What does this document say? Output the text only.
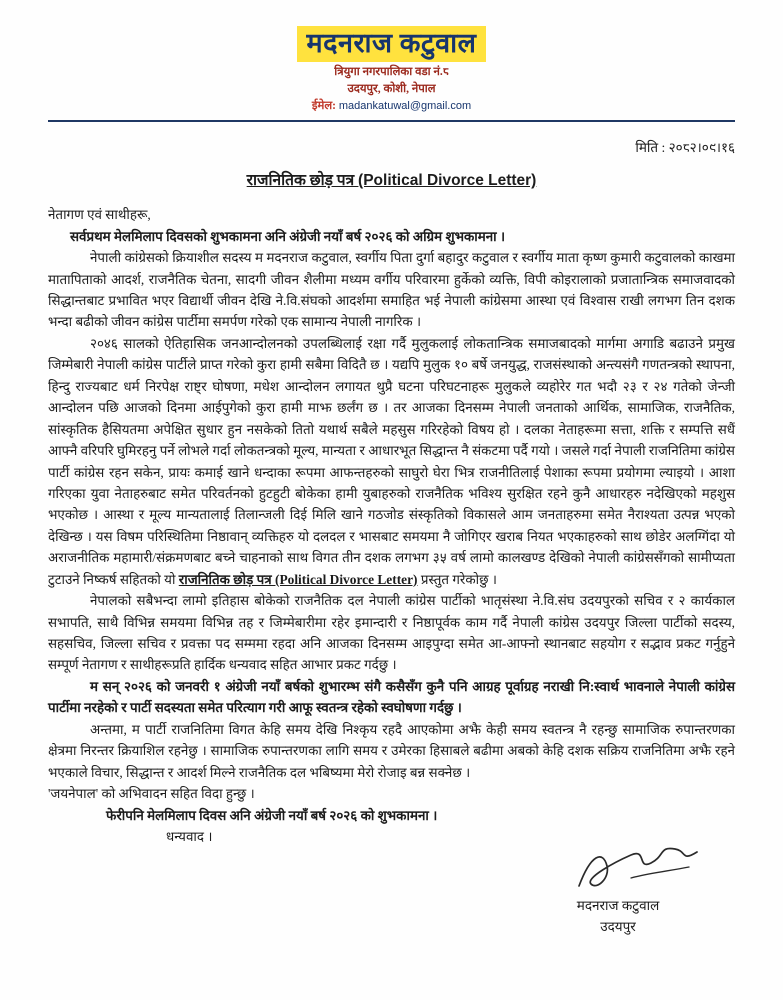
मदनराज कटुवाल
त्रियुगा नगरपालिका वडा नं.८
उदयपुर, कोशी, नेपाल
ईमेल: madankatuwal@gmail.com
मिति : २०८२।०९।१६
राजनितिक छोड़ पत्र (Political Divorce Letter)

नेतागण एवं साथीहरू,

सर्वप्रथम मेलमिलाप दिवसको शुभकामना अनि अंग्रेजी नयाँ बर्ष २०२६ को अग्रिम शुभकामना ।

नेपाली कांग्रेसको क्रियाशील सदस्य म मदनराज कटुवाल, स्वर्गीय पिता दुर्गा बहादुर कटुवाल र स्वर्गीय माता कृष्ण कुमारी कटुवालको काखमा मातापिताको आदर्श, राजनैतिक चेतना, सादगी जीवन शैलीमा मध्यम वर्गीय परिवारमा हुर्केको व्यक्ति, विपी कोइरालाको प्रजातान्त्रिक समाजवादको सिद्धान्तबाट प्रभावित भएर विद्यार्थी जीवन देखि ने.वि.संघको आदर्शमा समाहित भई नेपाली कांग्रेसमा आस्था एवं विश्वास राखी लगभग तिन दशक भन्दा बढीको जीवन कांग्रेस पार्टीमा समर्पण गरेको एक सामान्य नेपाली नागरिक ।

२०४६ सालको ऐतिहासिक जनआन्दोलनको उपलब्धिलाई रक्षा गर्दै मुलुकलाई लोकतान्त्रिक समाजबादको मार्गमा अगाडि बढाउने प्रमुख जिम्मेबारी नेपाली कांग्रेस पार्टीले प्राप्त गरेको कुरा हामी सबैमा विदितै छ । यद्यपि मुलुक १० बर्षे जनयुद्ध, राजसंस्थाको अन्त्यसंगै गणतन्त्रको स्थापना, हिन्दु राज्यबाट धर्म निरपेक्ष राष्ट्र घोषणा, मधेश आन्दोलन लगायत थुप्रै घटना परिघटनाहरू मुलुकले व्यहोरेर गत भदौ २३ र २४ गतेको जेन्जी आन्दोलन पछि आजको दिनमा आईपुगेको कुरा हामी माझ छर्लंग छ । तर आजका दिनसम्म नेपाली जनताको आर्थिक, सामाजिक, राजनैतिक, सांस्कृतिक हैसियतमा अपेक्षित सुधार हुन नसकेको तितो यथार्थ सबैले महसुस गरिरहेको विषय हो । दलका नेताहरूमा सत्ता, शक्ति र सम्पत्ति सधैं आफ्नै वरिपरि घुमिरहनु पर्ने लोभले गर्दा लोकतन्त्रको मूल्य, मान्यता र आधारभूत सिद्धान्त नै संकटमा पर्दै गयो । जसले गर्दा नेपाली राजनितिमा कांग्रेस पार्टी कांग्रेस रहन सकेन, प्रायः कमाई खाने धन्दाका रूपमा आफन्तहरुको साघुरो घेरा भित्र राजनीतिलाई पेशाका रूपमा प्रयोगमा ल्याइयो । आशा गरिएका युवा नेताहरुबाट समेत परिवर्तनको हुटहुटी बोकेका हामी युबाहरुको राजनैतिक भविश्य सुरक्षित रहने कुनै आधारहरु नदेखिएको महशुस भएकोछ । आस्था र मूल्य मान्यतालाई तिलान्जली दिई मिलि खाने गठजोड संस्कृतिको विकासले आम जनताहरुमा समेत नैराश्यता उत्पन्न भएको देखिन्छ । यस विषम परिस्थितिमा निष्ठावान् व्यक्तिहरु यो दलदल र भासबाट समयमा नै जोगिएर खराब नियत भएकाहरुको साथ छोडेर अलग्गिंदा यो अराजनीतिक महामारी/संक्रमणबाट बच्ने चाहनाको साथ विगत तीन दशक लगभग ३५ वर्ष लामो कालखण्ड देखिको नेपाली कांग्रेससँगको सामीप्यता टुटाउने निष्कर्ष सहितको यो राजनितिक छोड़ पत्र (Political Divorce Letter) प्रस्तुत गरेकोछु ।

नेपालको सबैभन्दा लामो इतिहास बोकेको राजनैतिक दल नेपाली कांग्रेस पार्टीको भातृसंस्था ने.वि.संघ उदयपुरको सचिव र २ कार्यकाल सभापति, साथै विभिन्न समयमा विभिन्न तह र जिम्मेबारीमा रहेर इमान्दारी र निष्ठापूर्वक काम गर्दै नेपाली कांग्रेस उदयपुर जिल्ला पार्टीको सदस्य, सहसचिव, जिल्ला सचिव र प्रवक्ता पद सम्ममा रहदा अनि आजका दिनसम्म आइपुग्दा समेत आ-आफ्नो स्थानबाट सहयोग र सद्भाव प्रकट गर्नुहुने सम्पूर्ण नेतागण र साथीहरूप्रति हार्दिक धन्यवाद सहित आभार प्रकट गर्दछु ।

म सन् २०२६ को जनवरी १ अंग्रेजी नयाँ बर्षको शुभारम्भ संगै कसैसँग कुनै पनि आग्रह पूर्वाग्रह नराखी नि:स्वार्थ भावनाले नेपाली कांग्रेस पार्टीमा नरहेको र पार्टी सदस्यता समेत परित्याग गरी आफू स्वतन्त्र रहेको स्वघोषणा गर्दछु ।

अन्तमा, म पार्टी राजनितिमा विगत केहि समय देखि निश्कृय रहदै आएकोमा अझै केही समय स्वतन्त्र नै रहन्छु सामाजिक रुपान्तरणका क्षेत्रमा निरन्तर क्रियाशिल रहनेछु । सामाजिक रुपान्तरणका लागि समय र उमेरका हिसाबले बढीमा अबको केहि दशक सक्रिय राजनितिमा अझै रहने भएकाले विचार, सिद्धान्त र आदर्श मिल्ने राजनैतिक दल भबिष्यमा मेरो रोजाइ बन्न सक्नेछ ।

'जयनेपाल' को अभिवादन सहित विदा हुन्छु ।

फेरीपनि मेलमिलाप दिवस अनि अंग्रेजी नयाँ बर्ष २०२६ को शुभकामना ।

धन्यवाद ।

मदनराज कटुवाल
उदयपुर
